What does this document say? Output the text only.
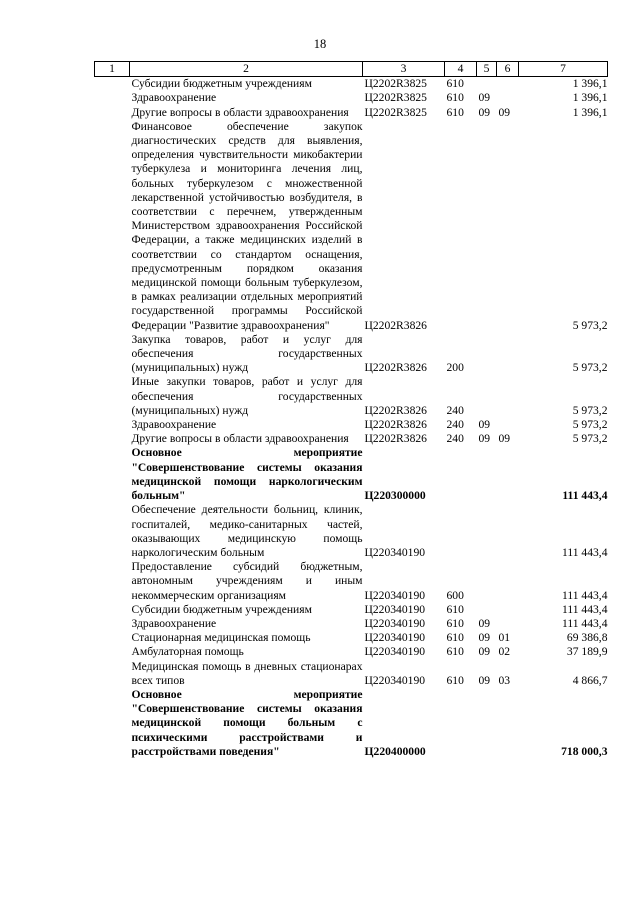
18
1	2	3	4	5	6	7
	Субсидии бюджетным учреждениям	Ц2202R3825	610			1 396,1
	Здравоохранение	Ц2202R3825	610	09		1 396,1
	Другие вопросы в области здравоохранения	Ц2202R3825	610	09	09	1 396,1
	Финансовое обеспечение закупок диагностических средств для выявления, определения чувствительности микобактерии туберкулеза и мониторинга лечения лиц, больных туберкулезом с множественной лекарственной устойчивостью возбудителя, в соответствии с перечнем, утвержденным Министерством здравоохранения Российской Федерации, а также медицинских изделий в соответствии со стандартом оснащения, предусмотренным порядком оказания медицинской помощи больным туберкулезом, в рамках реализации отдельных мероприятий государственной программы Российской Федерации "Развитие здравоохранения"	Ц2202R3826				5 973,2
	Закупка товаров, работ и услуг для обеспечения государственных (муниципальных) нужд	Ц2202R3826	200			5 973,2
	Иные закупки товаров, работ и услуг для обеспечения государственных (муниципальных) нужд	Ц2202R3826	240			5 973,2
	Здравоохранение	Ц2202R3826	240	09		5 973,2
	Другие вопросы в области здравоохранения	Ц2202R3826	240	09	09	5 973,2
	Основное мероприятие "Совершенствование системы оказания медицинской помощи наркологическим больным"	Ц220300000				111 443,4
	Обеспечение деятельности больниц, клиник, госпиталей, медико-санитарных частей, оказывающих медицинскую помощь наркологическим больным	Ц220340190				111 443,4
	Предоставление субсидий бюджетным, автономным учреждениям и иным некоммерческим организациям	Ц220340190	600			111 443,4
	Субсидии бюджетным учреждениям	Ц220340190	610			111 443,4
	Здравоохранение	Ц220340190	610	09		111 443,4
	Стационарная медицинская помощь	Ц220340190	610	09	01	69 386,8
	Амбулаторная помощь	Ц220340190	610	09	02	37 189,9
	Медицинская помощь в дневных стационарах всех типов	Ц220340190	610	09	03	4 866,7
	Основное мероприятие "Совершенствование системы оказания медицинской помощи больным с психическими расстройствами и расстройствами поведения"	Ц220400000				718 000,3
